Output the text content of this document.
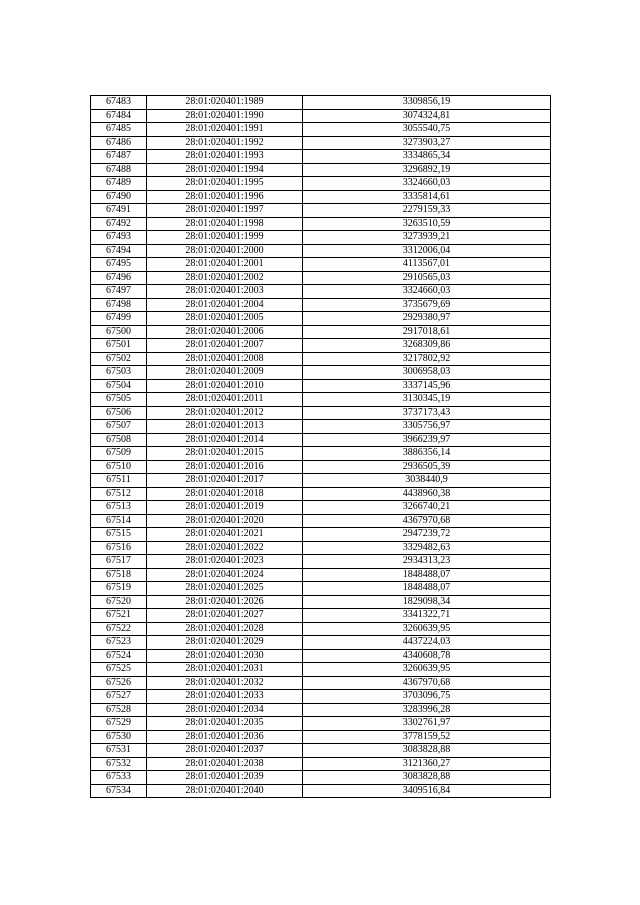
67483	28:01:020401:1989	3309856,19
67484	28:01:020401:1990	3074324,81
67485	28:01:020401:1991	3055540,75
67486	28:01:020401:1992	3273903,27
67487	28:01:020401:1993	3334865,34
67488	28:01:020401:1994	3296892,19
67489	28:01:020401:1995	3324660,03
67490	28:01:020401:1996	3335814,61
67491	28:01:020401:1997	2279159,33
67492	28:01:020401:1998	3263510,59
67493	28:01:020401:1999	3273939,21
67494	28:01:020401:2000	3312006,04
67495	28:01:020401:2001	4113567,01
67496	28:01:020401:2002	2910565,03
67497	28:01:020401:2003	3324660,03
67498	28:01:020401:2004	3735679,69
67499	28:01:020401:2005	2929380,97
67500	28:01:020401:2006	2917018,61
67501	28:01:020401:2007	3268309,86
67502	28:01:020401:2008	3217802,92
67503	28:01:020401:2009	3006958,03
67504	28:01:020401:2010	3337145,96
67505	28:01:020401:2011	3130345,19
67506	28:01:020401:2012	3737173,43
67507	28:01:020401:2013	3305756,97
67508	28:01:020401:2014	3966239,97
67509	28:01:020401:2015	3886356,14
67510	28:01:020401:2016	2936505,39
67511	28:01:020401:2017	3038440,9
67512	28:01:020401:2018	4438960,38
67513	28:01:020401:2019	3266740,21
67514	28:01:020401:2020	4367970,68
67515	28:01:020401:2021	2947239,72
67516	28:01:020401:2022	3329482,63
67517	28:01:020401:2023	2934313,23
67518	28:01:020401:2024	1848488,07
67519	28:01:020401:2025	1848488,07
67520	28:01:020401:2026	1829098,34
67521	28:01:020401:2027	3341322,71
67522	28:01:020401:2028	3260639,95
67523	28:01:020401:2029	4437224,03
67524	28:01:020401:2030	4340608,78
67525	28:01:020401:2031	3260639,95
67526	28:01:020401:2032	4367970,68
67527	28:01:020401:2033	3703096,75
67528	28:01:020401:2034	3283996,28
67529	28:01:020401:2035	3302761,97
67530	28:01:020401:2036	3778159,52
67531	28:01:020401:2037	3083828,88
67532	28:01:020401:2038	3121360,27
67533	28:01:020401:2039	3083828,88
67534	28:01:020401:2040	3409516,84
